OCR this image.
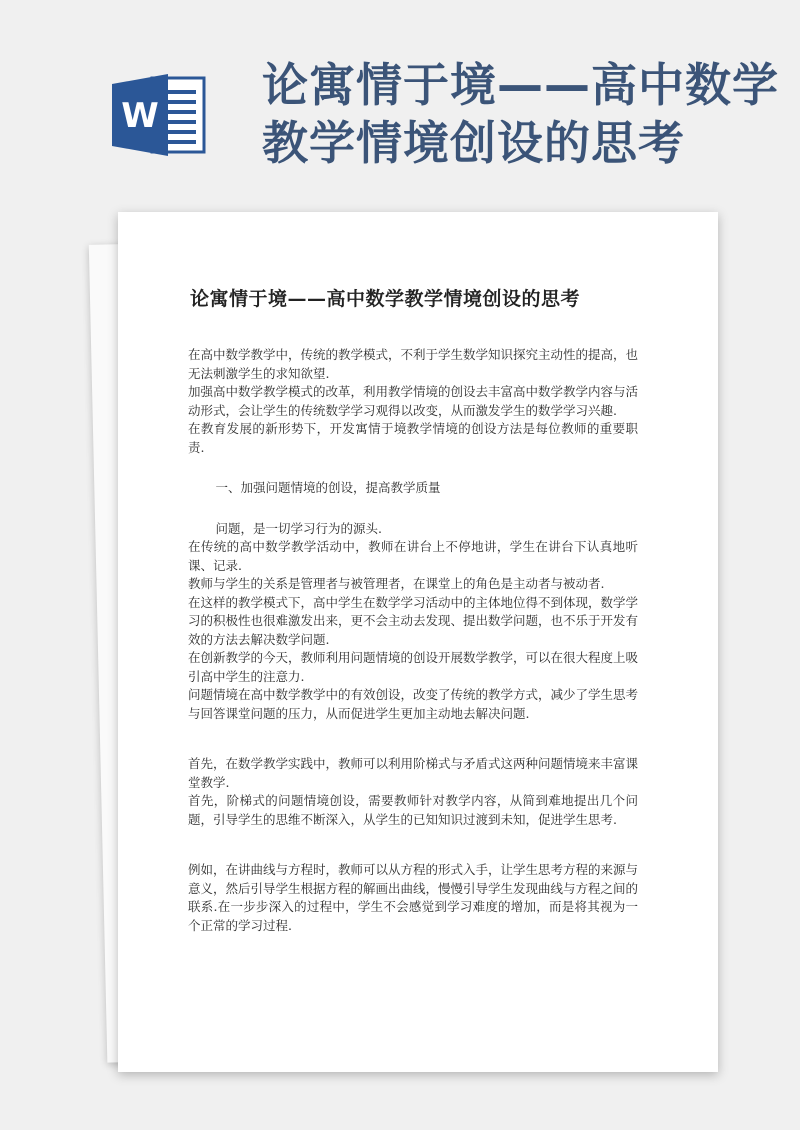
W
论寓情于境——高中数学教学情境创设的思考
论寓情于境——高中数学教学情境创设的思考

在高中数学教学中，传统的教学模式，不利于学生数学知识探究主动性的提高，也无法刺激学生的求知欲望.

加强高中数学教学模式的改革，利用教学情境的创设去丰富高中数学教学内容与活动形式，会让学生的传统数学学习观得以改变，从而激发学生的数学学习兴趣.

在教育发展的新形势下，开发寓情于境教学情境的创设方法是每位教师的重要职责.

一、加强问题情境的创设，提高教学质量

问题，是一切学习行为的源头.

在传统的高中数学教学活动中，教师在讲台上不停地讲，学生在讲台下认真地听课、记录.

教师与学生的关系是管理者与被管理者，在课堂上的角色是主动者与被动者.

在这样的教学模式下，高中学生在数学学习活动中的主体地位得不到体现，数学学习的积极性也很难激发出来，更不会主动去发现、提出数学问题，也不乐于开发有效的方法去解决数学问题.

在创新教学的今天，教师利用问题情境的创设开展数学教学，可以在很大程度上吸引高中学生的注意力.

问题情境在高中数学教学中的有效创设，改变了传统的教学方式，减少了学生思考与回答课堂问题的压力，从而促进学生更加主动地去解决问题.

首先，在数学教学实践中，教师可以利用阶梯式与矛盾式这两种问题情境来丰富课堂教学.

首先，阶梯式的问题情境创设，需要教师针对教学内容，从简到难地提出几个问题，引导学生的思维不断深入，从学生的已知知识过渡到未知，促进学生思考.

例如，在讲曲线与方程时，教师可以从方程的形式入手，让学生思考方程的来源与意义，然后引导学生根据方程的解画出曲线，慢慢引导学生发现曲线与方程之间的联系.在一步步深入的过程中，学生不会感觉到学习难度的增加，而是将其视为一个正常的学习过程.
